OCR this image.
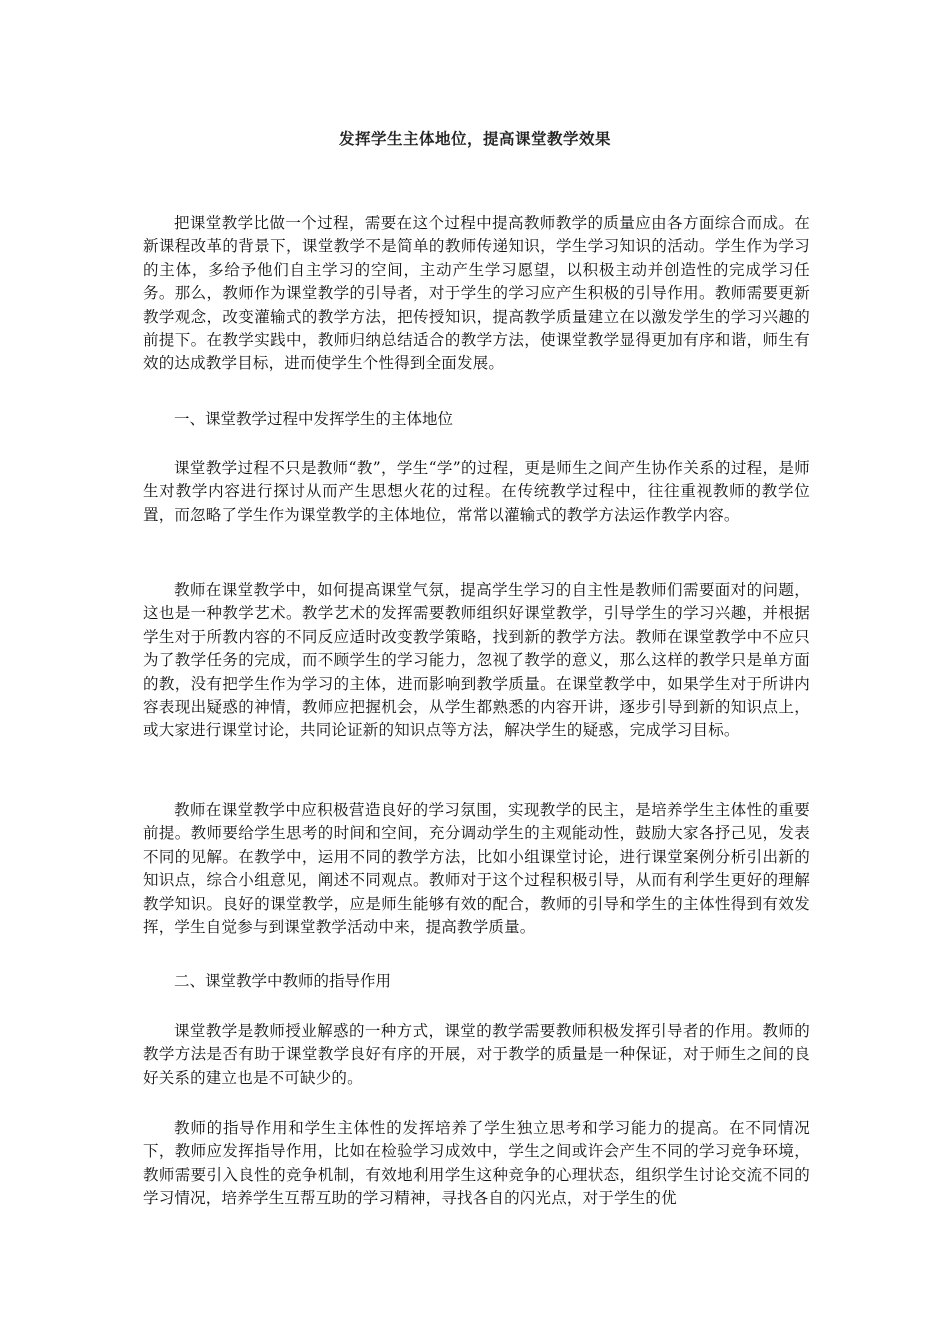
发挥学生主体地位，提高课堂教学效果

把课堂教学比做一个过程，需要在这个过程中提高教师教学的质量应由各方面综合而成。在新课程改革的背景下，课堂教学不是简单的教师传递知识，学生学习知识的活动。学生作为学习的主体，多给予他们自主学习的空间，主动产生学习愿望，以积极主动并创造性的完成学习任务。那么，教师作为课堂教学的引导者，对于学生的学习应产生积极的引导作用。教师需要更新教学观念，改变灌输式的教学方法，把传授知识，提高教学质量建立在以激发学生的学习兴趣的前提下。在教学实践中，教师归纳总结适合的教学方法，使课堂教学显得更加有序和谐，师生有效的达成教学目标，进而使学生个性得到全面发展。

一、课堂教学过程中发挥学生的主体地位

课堂教学过程不只是教师“教”，学生“学”的过程，更是师生之间产生协作关系的过程，是师生对教学内容进行探讨从而产生思想火花的过程。在传统教学过程中，往往重视教师的教学位置，而忽略了学生作为课堂教学的主体地位，常常以灌输式的教学方法运作教学内容。

教师在课堂教学中，如何提高课堂气氛，提高学生学习的自主性是教师们需要面对的问题，这也是一种教学艺术。教学艺术的发挥需要教师组织好课堂教学，引导学生的学习兴趣，并根据学生对于所教内容的不同反应适时改变教学策略，找到新的教学方法。教师在课堂教学中不应只为了教学任务的完成，而不顾学生的学习能力，忽视了教学的意义，那么这样的教学只是单方面的教，没有把学生作为学习的主体，进而影响到教学质量。在课堂教学中，如果学生对于所讲内容表现出疑惑的神情，教师应把握机会，从学生都熟悉的内容开讲，逐步引导到新的知识点上，或大家进行课堂讨论，共同论证新的知识点等方法，解决学生的疑惑，完成学习目标。

教师在课堂教学中应积极营造良好的学习氛围，实现教学的民主，是培养学生主体性的重要前提。教师要给学生思考的时间和空间，充分调动学生的主观能动性，鼓励大家各抒己见，发表不同的见解。在教学中，运用不同的教学方法，比如小组课堂讨论，进行课堂案例分析引出新的知识点，综合小组意见，阐述不同观点。教师对于这个过程积极引导，从而有利学生更好的理解教学知识。良好的课堂教学，应是师生能够有效的配合，教师的引导和学生的主体性得到有效发挥，学生自觉参与到课堂教学活动中来，提高教学质量。

二、课堂教学中教师的指导作用

课堂教学是教师授业解惑的一种方式，课堂的教学需要教师积极发挥引导者的作用。教师的教学方法是否有助于课堂教学良好有序的开展，对于教学的质量是一种保证，对于师生之间的良好关系的建立也是不可缺少的。

教师的指导作用和学生主体性的发挥培养了学生独立思考和学习能力的提高。在不同情况下，教师应发挥指导作用，比如在检验学习成效中，学生之间或许会产生不同的学习竞争环境，教师需要引入良性的竞争机制，有效地利用学生这种竞争的心理状态，组织学生讨论交流不同的学习情况，培养学生互帮互助的学习精神，寻找各自的闪光点，对于学生的优
